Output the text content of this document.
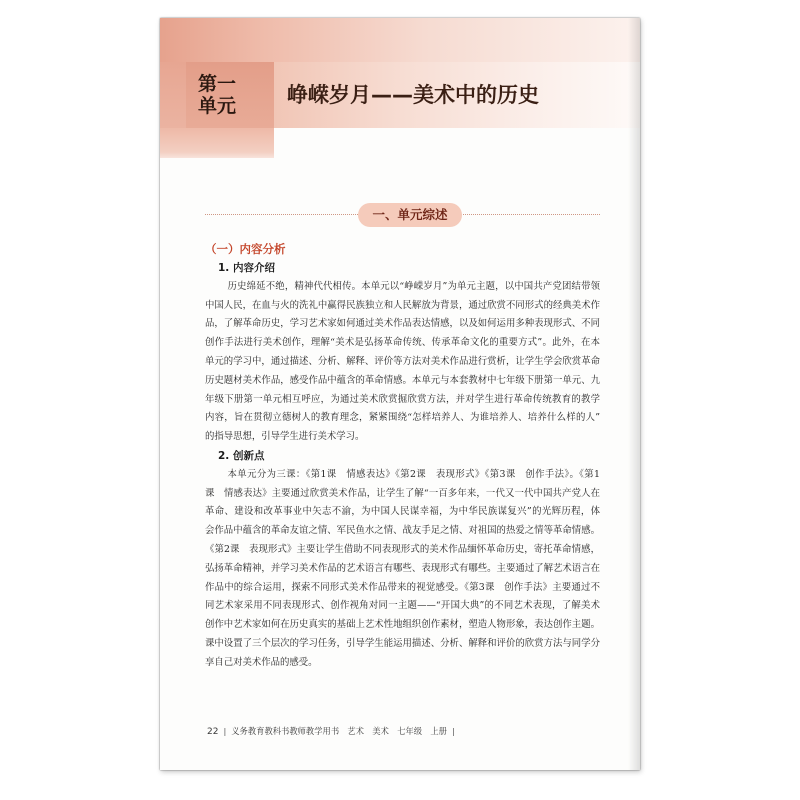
第一
单元	峥嵘岁月——美术中的历史
一、单元综述
（一）内容分析
1. 内容介绍
历史绵延不绝，精神代代相传。本单元以“峥嵘岁月”为单元主题，以中国共产党团结带领
中国人民，在血与火的洗礼中赢得民族独立和人民解放为背景，通过欣赏不同形式的经典美术作
品，了解革命历史，学习艺术家如何通过美术作品表达情感，以及如何运用多种表现形式、不同
创作手法进行美术创作，理解“美术是弘扬革命传统、传承革命文化的重要方式”。此外，在本
单元的学习中，通过描述、分析、解释、评价等方法对美术作品进行赏析，让学生学会欣赏革命
历史题材美术作品，感受作品中蕴含的革命情感。本单元与本套教材中七年级下册第一单元、九
年级下册第一单元相互呼应，为通过美术欣赏掘欣赏方法，并对学生进行革命传统教育的教学
内容，旨在贯彻立德树人的教育理念，紧紧围绕“怎样培养人、为谁培养人、培养什么样的人”
的指导思想，引导学生进行美术学习。
2. 创新点
本单元分为三课：《第1课　情感表达》《第2课　表现形式》《第3课　创作手法》。《第1
课　情感表达》主要通过欣赏美术作品，让学生了解“一百多年来，一代又一代中国共产党人在
革命、建设和改革事业中矢志不渝，为中国人民谋幸福，为中华民族谋复兴”的光辉历程，体
会作品中蕴含的革命友谊之情、军民鱼水之情、战友手足之情、对祖国的热爱之情等革命情感。
《第2课　表现形式》主要让学生借助不同表现形式的美术作品缅怀革命历史，寄托革命情感，
弘扬革命精神，并学习美术作品的艺术语言有哪些、表现形式有哪些。主要通过了解艺术语言在
作品中的综合运用，探索不同形式美术作品带来的视觉感受。《第3课　创作手法》主要通过不
同艺术家采用不同表现形式、创作视角对同一主题——“开国大典”的不同艺术表现，了解美术
创作中艺术家如何在历史真实的基础上艺术性地组织创作素材，塑造人物形象，表达创作主题。
课中设置了三个层次的学习任务，引导学生能运用描述、分析、解释和评价的欣赏方法与同学分
享自己对美术作品的感受。
22 | 义务教育教科书教师教学用书　艺术　美术　七年级　上册 |
